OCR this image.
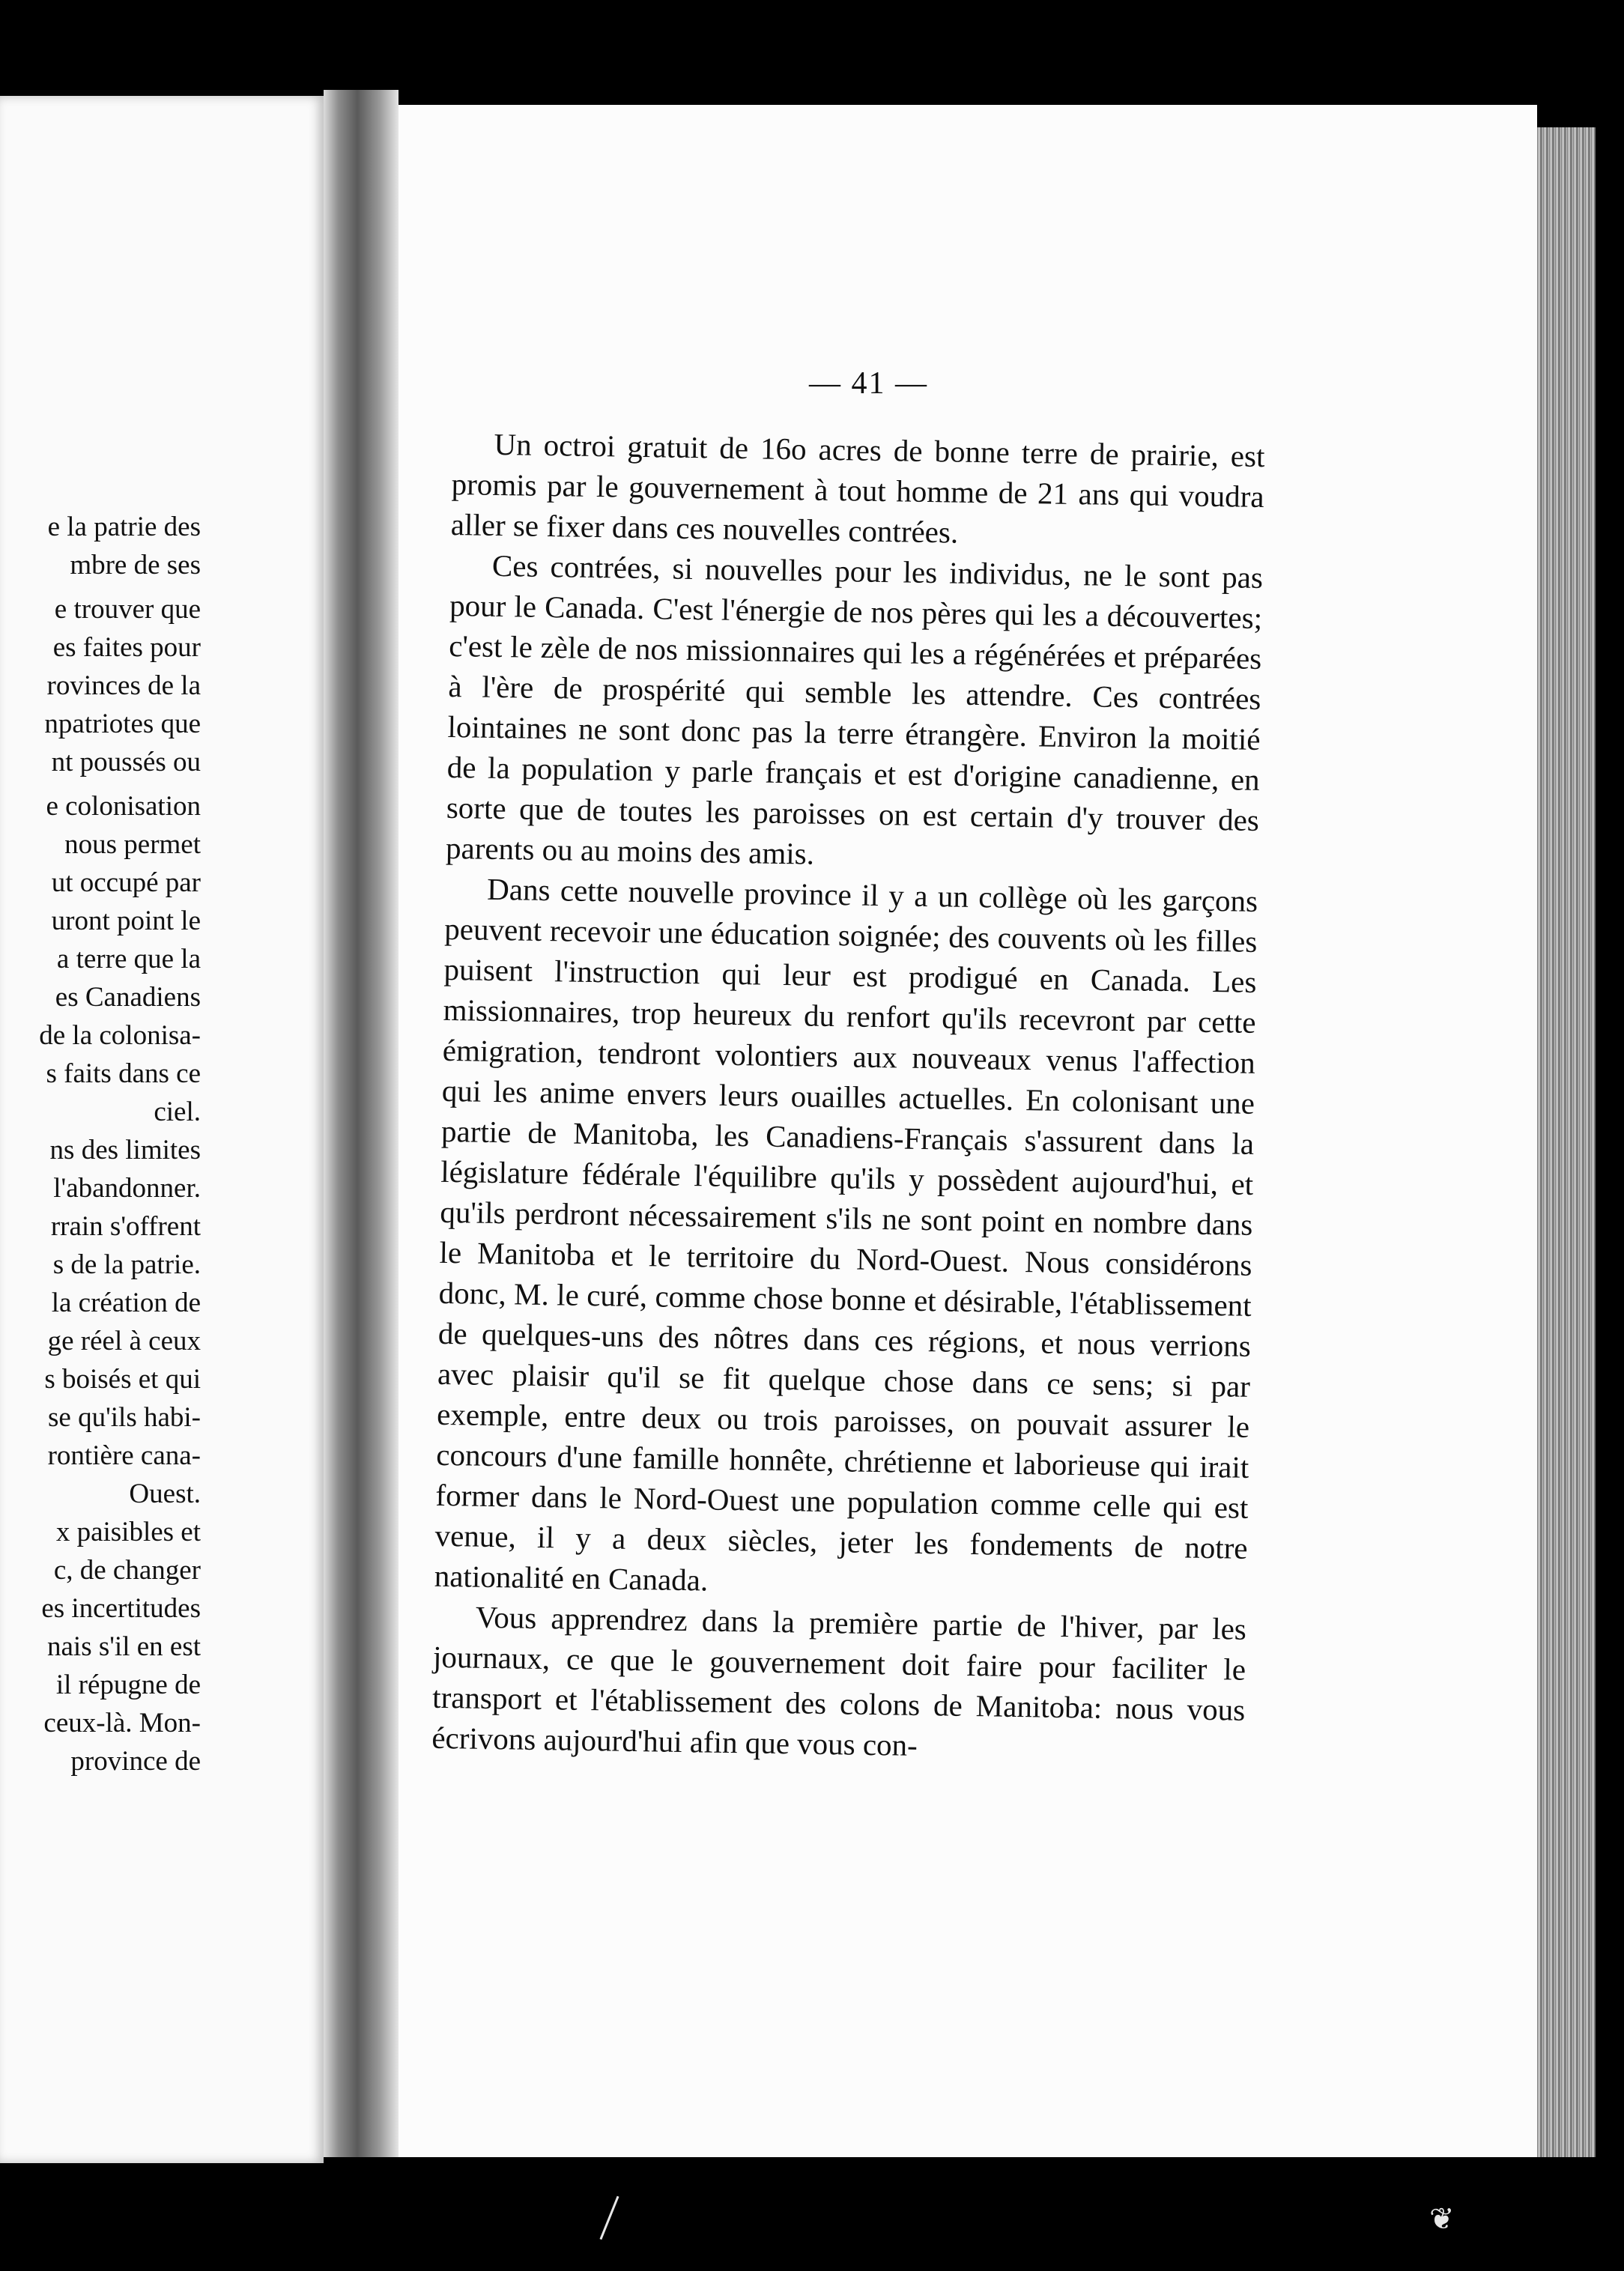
e la patrie des
mbre de ses
e trouver que
es faites pour
rovinces de la
npatriotes que
nt poussés ou
e colonisation
nous permet
ut occupé par
uront point le
a terre que la
es Canadiens
de la colonisa-
s faits dans ce
ciel.
ns des limites
l'abandonner.
rrain s'offrent
s de la patrie.
la création de
ge réel à ceux
s boisés et qui
se qu'ils habi-
rontière cana-
Ouest.
x paisibles et
c, de changer
es incertitudes
nais s'il en est
il répugne de
ceux-là. Mon-
province de
— 41 —

Un octroi gratuit de 16o acres de bonne terre de prairie, est promis par le gouvernement à tout homme de 21 ans qui voudra aller se fixer dans ces nouvelles contrées.

Ces contrées, si nouvelles pour les individus, ne le sont pas pour le Canada. C'est l'énergie de nos pères qui les a découvertes; c'est le zèle de nos missionnaires qui les a régénérées et préparées à l'ère de prospérité qui semble les attendre. Ces contrées lointaines ne sont donc pas la terre étrangère. Environ la moitié de la population y parle français et est d'origine canadienne, en sorte que de toutes les paroisses on est certain d'y trouver des parents ou au moins des amis.

Dans cette nouvelle province il y a un collège où les garçons peuvent recevoir une éducation soignée; des couvents où les filles puisent l'instruction qui leur est prodigué en Canada. Les missionnaires, trop heureux du renfort qu'ils recevront par cette émigration, tendront volontiers aux nouveaux venus l'affection qui les anime envers leurs ouailles actuelles. En colonisant une partie de Manitoba, les Canadiens-Français s'assurent dans la législature fédérale l'équilibre qu'ils y possèdent aujourd'hui, et qu'ils perdront nécessairement s'ils ne sont point en nombre dans le Manitoba et le territoire du Nord-Ouest. Nous considérons donc, M. le curé, comme chose bonne et désirable, l'établissement de quelques-uns des nôtres dans ces régions, et nous verrions avec plaisir qu'il se fit quelque chose dans ce sens; si par exemple, entre deux ou trois paroisses, on pouvait assurer le concours d'une famille honnête, chrétienne et laborieuse qui irait former dans le Nord-Ouest une population comme celle qui est venue, il y a deux siècles, jeter les fondements de notre nationalité en Canada.

Vous apprendrez dans la première partie de l'hiver, par les journaux, ce que le gouvernement doit faire pour faciliter le transport et l'établissement des colons de Manitoba: nous vous écrivons aujourd'hui afin que vous con-

❦
